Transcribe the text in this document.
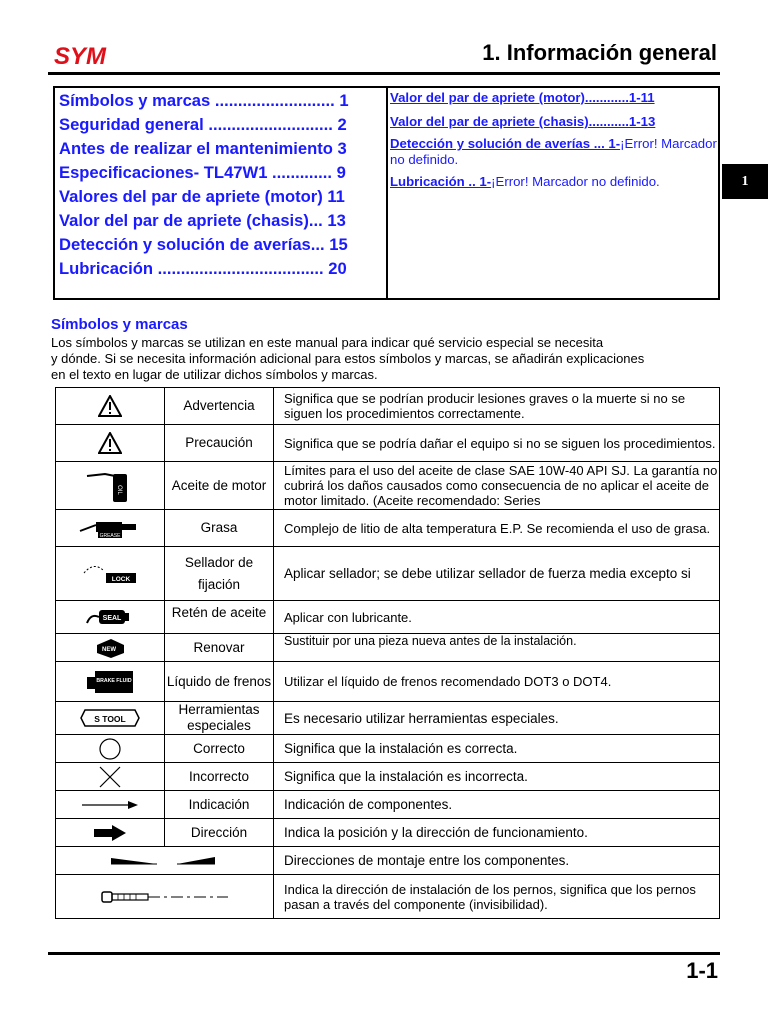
SYM	1. Información general
Símbolos y marcas .......................... 1
Seguridad general ........................... 2
Antes de realizar el mantenimiento 3
Especificaciones- TL47W1 ............. 9
Valores del par de apriete (motor) 11
Valor del par de apriete (chasis)... 13
Detección y solución de averías... 15
Lubricación .................................... 20
Valor del par de apriete (motor)............1-11
Valor del par de apriete (chasis)...........1-13
Detección y solución de averías ... 1-¡Error! Marcador no definido.
Lubricación .. 1-¡Error! Marcador no definido.	1
Símbolos y marcas

Los símbolos y marcas se utilizan en este manual para indicar qué servicio especial se necesita

y dónde. Si se necesita información adicional para estos símbolos y marcas, se añadirán explicaciones

en el texto en lugar de utilizar dichos símbolos y marcas.

	Advertencia	Significa que se podrían producir lesiones graves o la muerte si no se siguen los procedimientos correctamente.

	Precaución	Significa que se podría dañar el equipo si no se siguen los procedimientos.

OIL	Aceite de motor	Límites para el uso del aceite de clase SAE 10W-40 API SJ. La garantía no cubrirá los daños causados como consecuencia de no aplicar el aceite de motor limitado. (Aceite recomendado: Series

GREASE	Grasa	Complejo de litio de alta temperatura E.P. Se recomienda el uso de grasa.

LOCK	Sellador de fijación	Aplicar sellador; se debe utilizar sellador de fuerza media excepto si

SEAL	Retén de aceite	Aplicar con lubricante.

NEW	Renovar	Sustituir por una pieza nueva antes de la instalación.

BRAKE FLUID	Líquido de frenos	Utilizar el líquido de frenos recomendado DOT3 o DOT4.

S TOOL	Herramientas especiales	Es necesario utilizar herramientas especiales.

	Correcto	Significa que la instalación es correcta.

	Incorrecto	Significa que la instalación es incorrecta.

	Indicación	Indicación de componentes.

	Dirección	Indica la posición y la dirección de funcionamiento.

	Direcciones de montaje entre los componentes.

	Indica la dirección de instalación de los pernos, significa que los pernos pasan a través del componente (invisibilidad).
1-1
